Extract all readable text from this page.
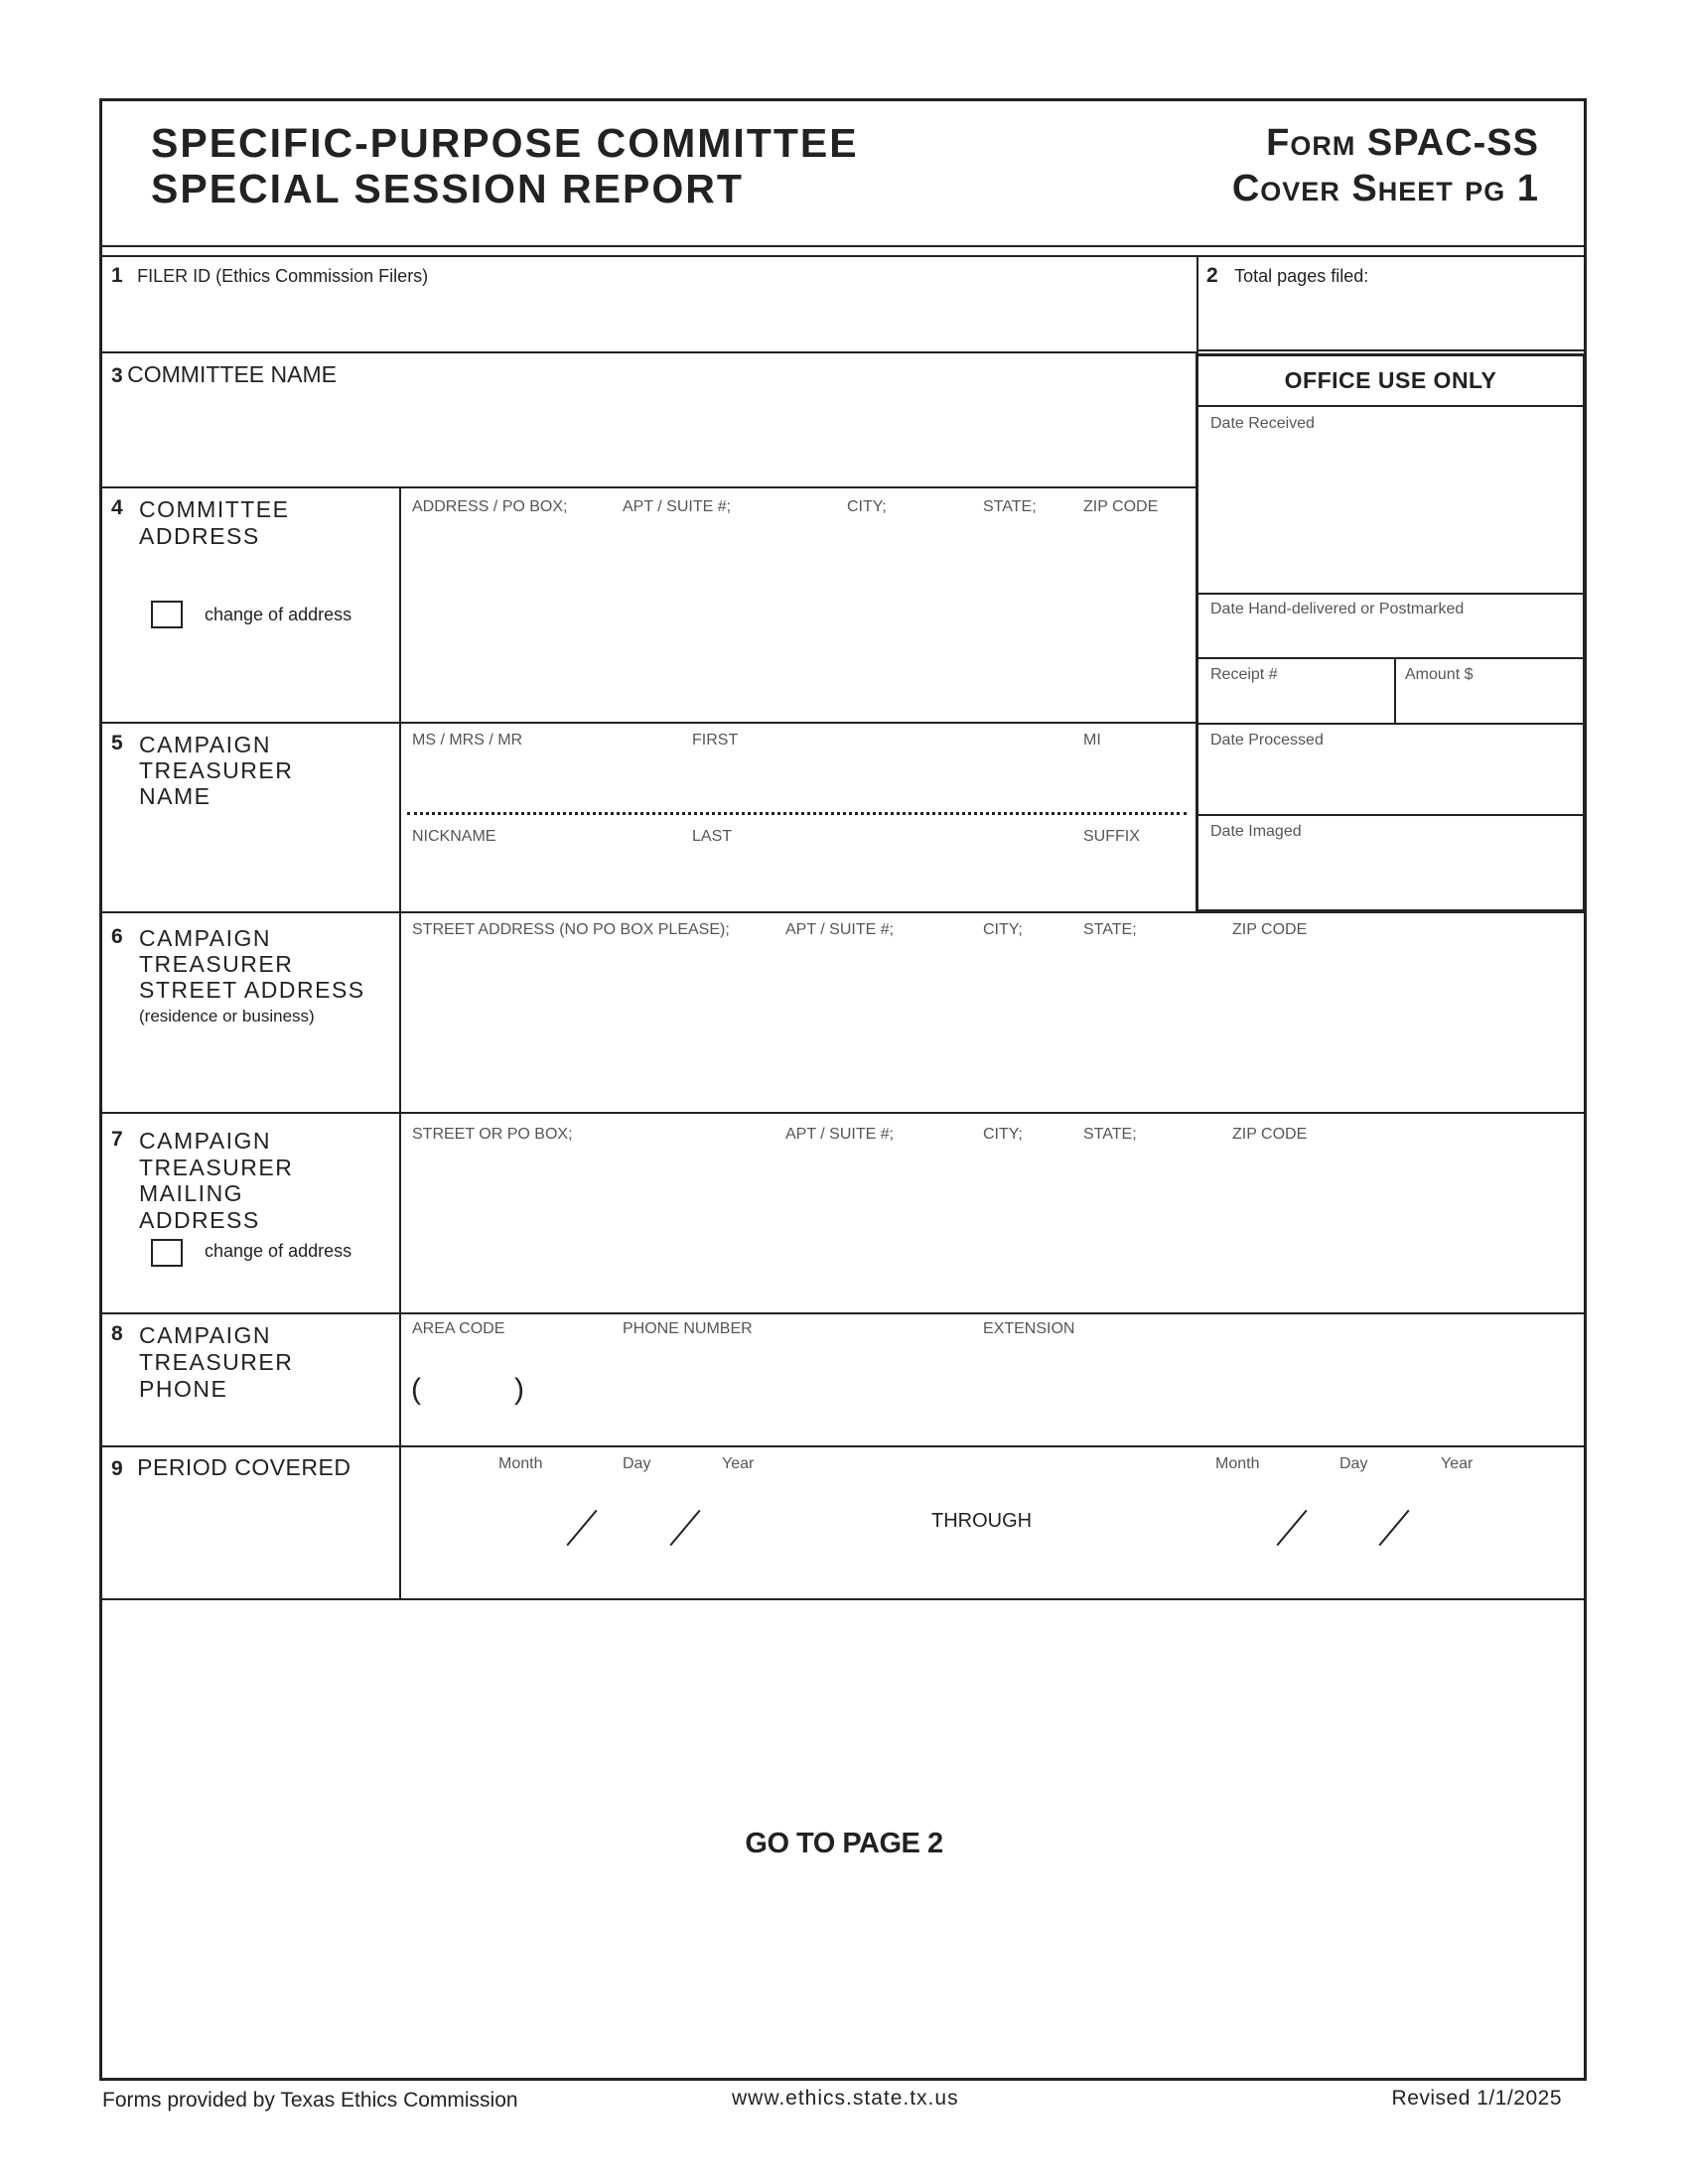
SPECIFIC-PURPOSE COMMITTEE
SPECIAL SESSION REPORT
Form SPAC-SS
Cover Sheet pg 1
1 FILER ID (Ethics Commission Filers)	2 Total pages filed:
3 COMMITTEE NAME
4 COMMITTEE
ADDRESS
change of address
ADDRESS / PO BOX;	APT / SUITE #;	CITY;	STATE;	ZIP CODE
5 CAMPAIGN
TREASURER
NAME
MS / MRS / MR	FIRST	MI
NICKNAME	LAST	SUFFIX
6 CAMPAIGN
TREASURER
STREET ADDRESS
(residence or business)
STREET ADDRESS (NO PO BOX PLEASE);	APT / SUITE #;	CITY;	STATE;	ZIP CODE
7 CAMPAIGN
TREASURER
MAILING
ADDRESS
change of address
STREET OR PO BOX;	APT / SUITE #;	CITY;	STATE;	ZIP CODE
8 CAMPAIGN
TREASURER
PHONE
AREA CODE	PHONE NUMBER	EXTENSION
(	)
9 PERIOD COVERED	Month	Day	Year
THROUGH
Month	Day	Year
OFFICE USE ONLY
Date Received
Date Hand-delivered or Postmarked
Receipt #	Amount $
Date Processed
Date Imaged
GO TO PAGE 2
Forms provided by Texas Ethics Commission	www.ethics.state.tx.us	Revised 1/1/2025
